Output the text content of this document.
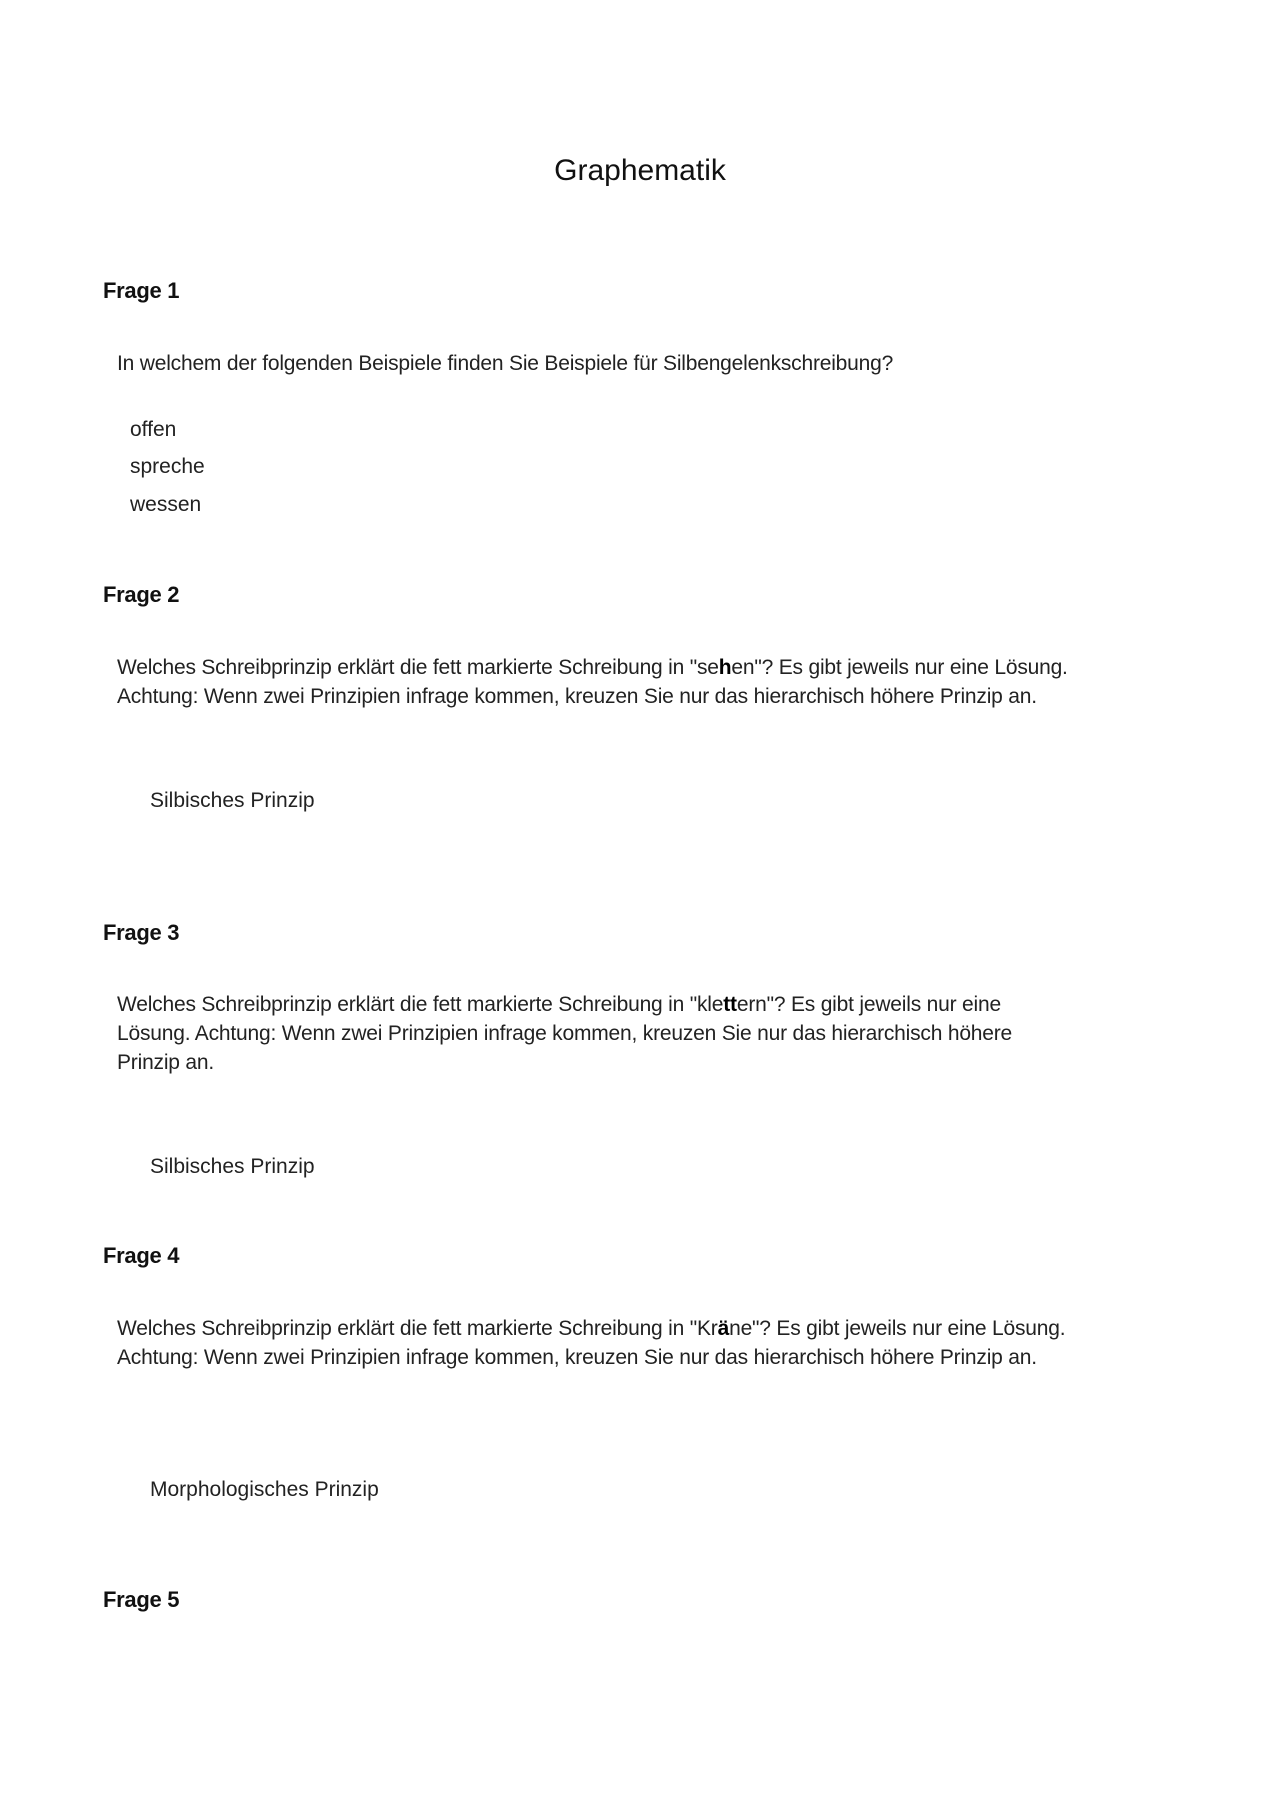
Graphematik
Frage 1
In welchem der folgenden Beispiele finden Sie Beispiele für Silbengelenkschreibung?
offen
spreche
wessen
Frage 2
Welches Schreibprinzip erklärt die fett markierte Schreibung in "sehen"? Es gibt jeweils nur eine Lösung. Achtung: Wenn zwei Prinzipien infrage kommen, kreuzen Sie nur das hierarchisch höhere Prinzip an.
Silbisches Prinzip
Frage 3
Welches Schreibprinzip erklärt die fett markierte Schreibung in "klettern"? Es gibt jeweils nur eine Lösung. Achtung: Wenn zwei Prinzipien infrage kommen, kreuzen Sie nur das hierarchisch höhere Prinzip an.
Silbisches Prinzip
Frage 4
Welches Schreibprinzip erklärt die fett markierte Schreibung in "Kräne"? Es gibt jeweils nur eine Lösung. Achtung: Wenn zwei Prinzipien infrage kommen, kreuzen Sie nur das hierarchisch höhere Prinzip an.
Morphologisches Prinzip
Frage 5
